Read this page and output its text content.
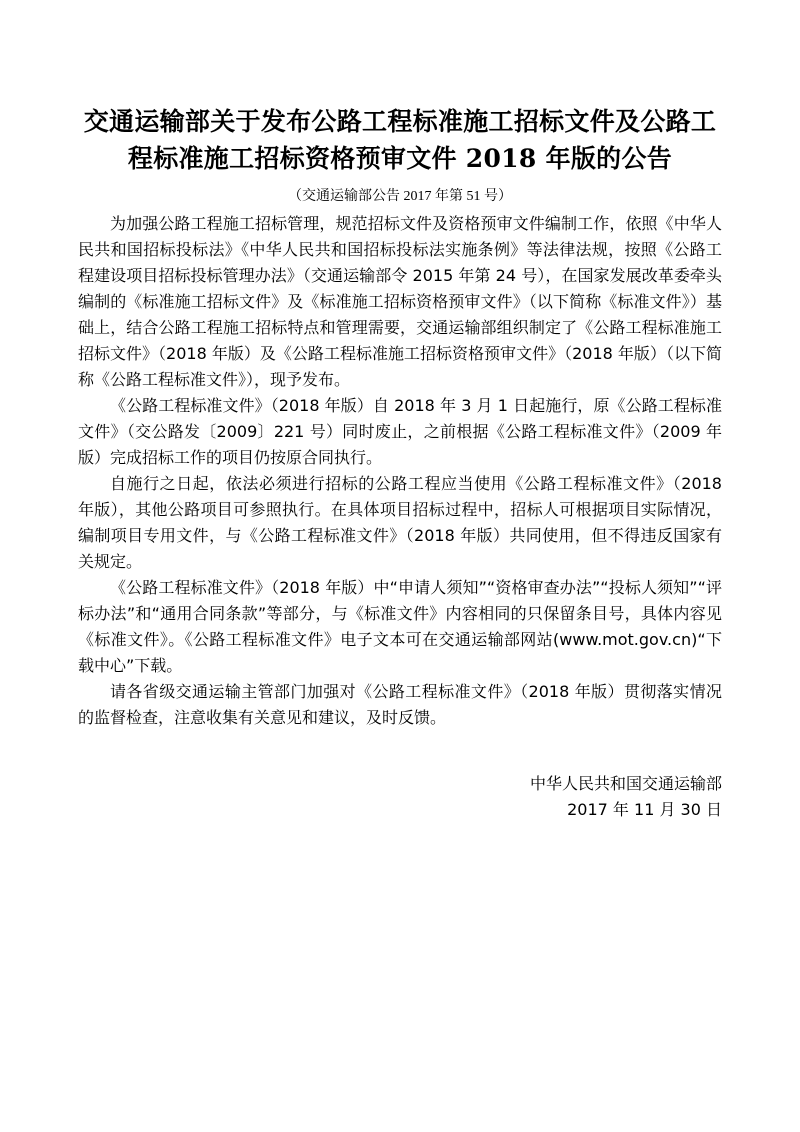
交通运输部关于发布公路工程标准施工招标文件及公路工程标准施工招标资格预审文件 2018 年版的公告
（交通运输部公告 2017 年第 51 号）

为加强公路工程施工招标管理，规范招标文件及资格预审文件编制工作，依照《中华人民共和国招标投标法》《中华人民共和国招标投标法实施条例》等法律法规，按照《公路工程建设项目招标投标管理办法》（交通运输部令 2015 年第 24 号），在国家发展改革委牵头编制的《标准施工招标文件》及《标准施工招标资格预审文件》（以下简称《标准文件》）基础上，结合公路工程施工招标特点和管理需要，交通运输部组织制定了《公路工程标准施工招标文件》（2018 年版）及《公路工程标准施工招标资格预审文件》（2018 年版）（以下简称《公路工程标准文件》），现予发布。

《公路工程标准文件》（2018 年版）自 2018 年 3 月 1 日起施行，原《公路工程标准文件》（交公路发〔2009〕221 号）同时废止，之前根据《公路工程标准文件》（2009 年版）完成招标工作的项目仍按原合同执行。

自施行之日起，依法必须进行招标的公路工程应当使用《公路工程标准文件》（2018 年版），其他公路项目可参照执行。在具体项目招标过程中，招标人可根据项目实际情况，编制项目专用文件，与《公路工程标准文件》（2018 年版）共同使用，但不得违反国家有关规定。

《公路工程标准文件》（2018 年版）中“申请人须知”“资格审查办法”“投标人须知”“评标办法”和“通用合同条款”等部分，与《标准文件》内容相同的只保留条目号，具体内容见《标准文件》。《公路工程标准文件》电子文本可在交通运输部网站(www.mot.gov.cn)“下载中心”下载。

请各省级交通运输主管部门加强对《公路工程标准文件》（2018 年版）贯彻落实情况的监督检查，注意收集有关意见和建议，及时反馈。

中华人民共和国交通运输部
2017 年 11 月 30 日
